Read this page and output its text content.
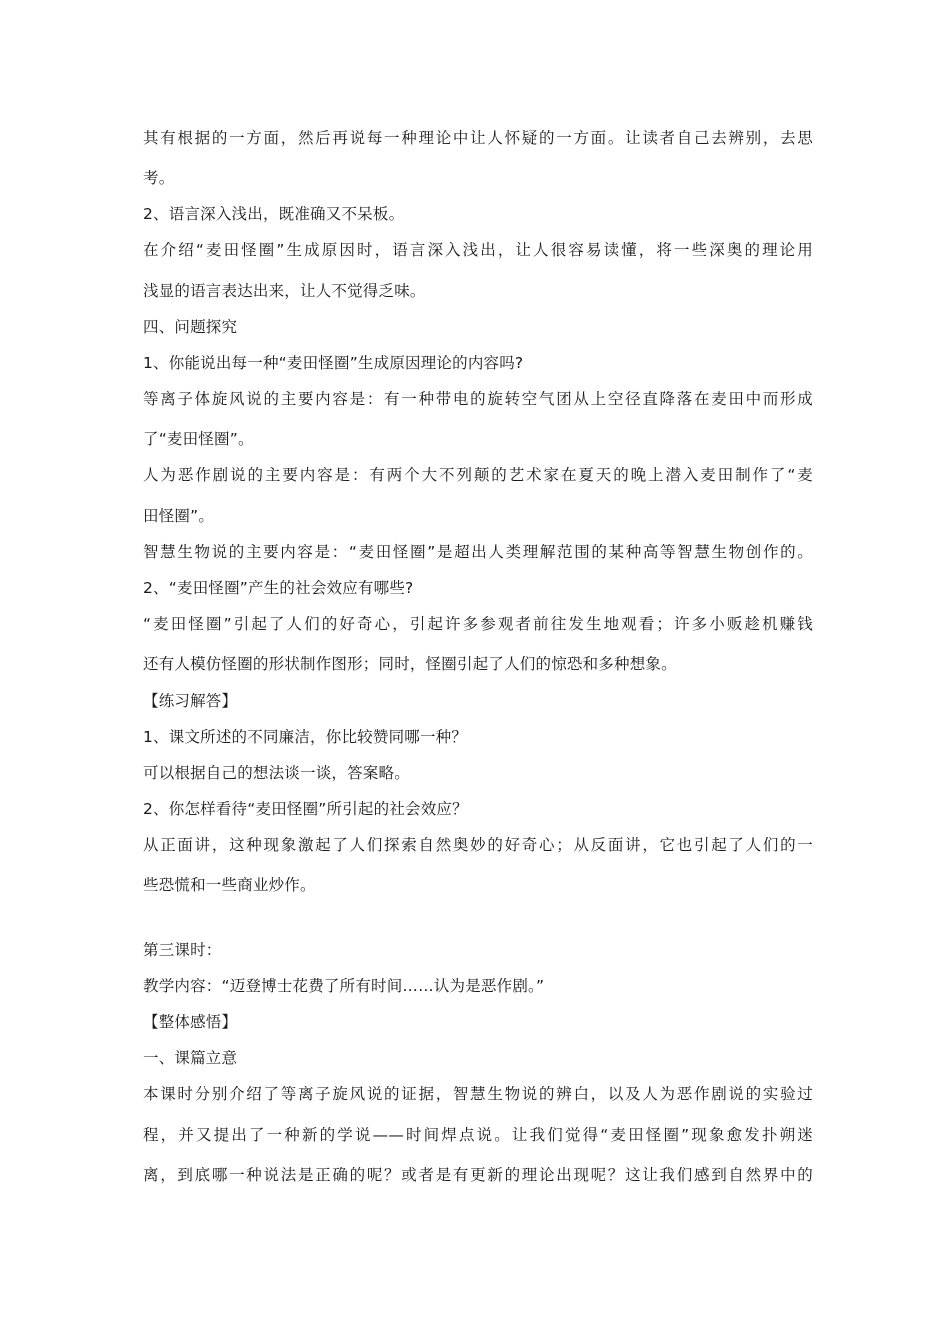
其有根据的一方面，然后再说每一种理论中让人怀疑的一方面。让读者自己去辨别，去思
考。
2、语言深入浅出，既准确又不呆板。
在介绍“麦田怪圈”生成原因时，语言深入浅出，让人很容易读懂，将一些深奥的理论用
浅显的语言表达出来，让人不觉得乏味。
四、问题探究
1、你能说出每一种“麦田怪圈”生成原因理论的内容吗?
等离子体旋风说的主要内容是：有一种带电的旋转空气团从上空径直降落在麦田中而形成
了“麦田怪圈”。
人为恶作剧说的主要内容是：有两个大不列颠的艺术家在夏天的晚上潜入麦田制作了“麦
田怪圈”。
智慧生物说的主要内容是：“麦田怪圈”是超出人类理解范围的某种高等智慧生物创作的。
2、“麦田怪圈”产生的社会效应有哪些?
“麦田怪圈”引起了人们的好奇心，引起许多参观者前往发生地观看；许多小贩趁机赚钱
还有人模仿怪圈的形状制作图形；同时，怪圈引起了人们的惊恐和多种想象。
【练习解答】
1、课文所述的不同廉洁，你比较赞同哪一种？
可以根据自己的想法谈一谈，答案略。
2、你怎样看待“麦田怪圈”所引起的社会效应？
从正面讲，这种现象激起了人们探索自然奥妙的好奇心；从反面讲，它也引起了人们的一
些恐慌和一些商业炒作。
第三课时：
教学内容：“迈登博士花费了所有时间……认为是恶作剧。”
【整体感悟】
一、课篇立意
本课时分别介绍了等离子旋风说的证据，智慧生物说的辨白，以及人为恶作剧说的实验过
程，并又提出了一种新的学说——时间焊点说。让我们觉得“麦田怪圈”现象愈发扑朔迷
离，到底哪一种说法是正确的呢？或者是有更新的理论出现呢？这让我们感到自然界中的
